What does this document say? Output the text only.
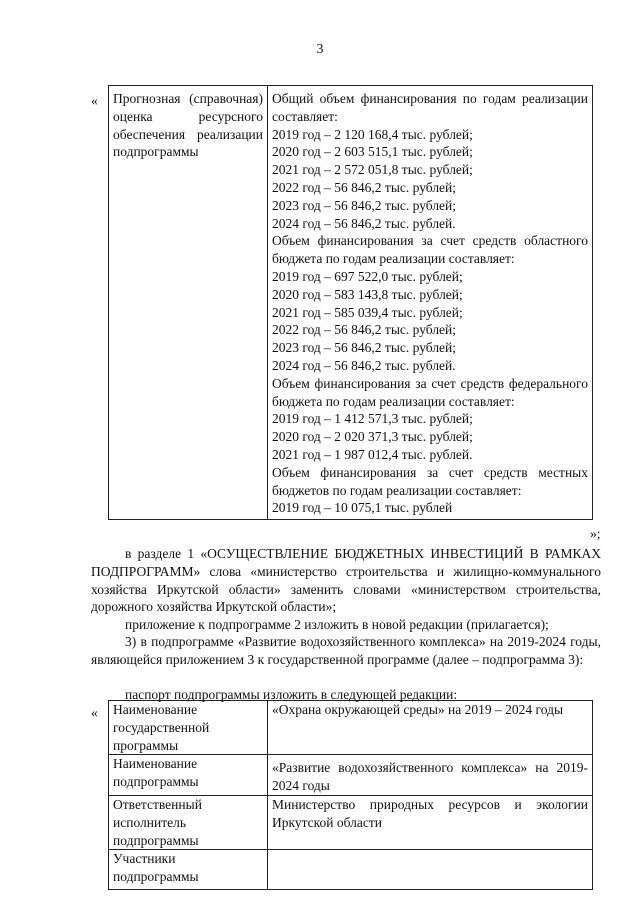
3
« Прогнозная (справочная) оценка ресурсного обеспечения реализации подпрограммы	
Общий объем финансирования по годам реализации составляет:
2019 год – 2 120 168,4 тыс. рублей;
2020 год – 2 603 515,1 тыс. рублей;
2021 год – 2 572 051,8 тыс. рублей;
2022 год – 56 846,2 тыс. рублей;
2023 год – 56 846,2 тыс. рублей;
2024 год – 56 846,2 тыс. рублей.
Объем финансирования за счет средств областного бюджета по годам реализации составляет:
2019 год – 697 522,0 тыс. рублей;
2020 год – 583 143,8 тыс. рублей;
2021 год – 585 039,4 тыс. рублей;
2022 год – 56 846,2 тыс. рублей;
2023 год – 56 846,2 тыс. рублей;
2024 год – 56 846,2 тыс. рублей.
Объем финансирования за счет средств федерального бюджета по годам реализации составляет:
2019 год – 1 412 571,3 тыс. рублей;
2020 год – 2 020 371,3 тыс. рублей;
2021 год – 1 987 012,4 тыс. рублей.
Объем финансирования за счет средств местных бюджетов по годам реализации составляет:
2019 год – 10 075,1 тыс. рублей
»;
в разделе 1 «ОСУЩЕСТВЛЕНИЕ БЮДЖЕТНЫХ ИНВЕСТИЦИЙ В РАМКАХ ПОДПРОГРАММ» слова «министерство строительства и жилищно-коммунального хозяйства Иркутской области» заменить словами «министерством строительства, дорожного хозяйства Иркутской области»;
приложение к подпрограмме 2 изложить в новой редакции (прилагается);
3) в подпрограмме «Развитие водохозяйственного комплекса» на 2019-2024 годы, являющейся приложением 3 к государственной программе (далее – подпрограмма 3):
паспорт подпрограммы изложить в следующей редакции:
« Наименование государственной программы	«Охрана окружающей среды» на 2019 – 2024 годы
Наименование подпрограммы	«Развитие водохозяйственного комплекса» на 2019-2024 годы
Ответственный исполнитель подпрограммы	Министерство природных ресурсов и экологии Иркутской области
Участники подпрограммы	
